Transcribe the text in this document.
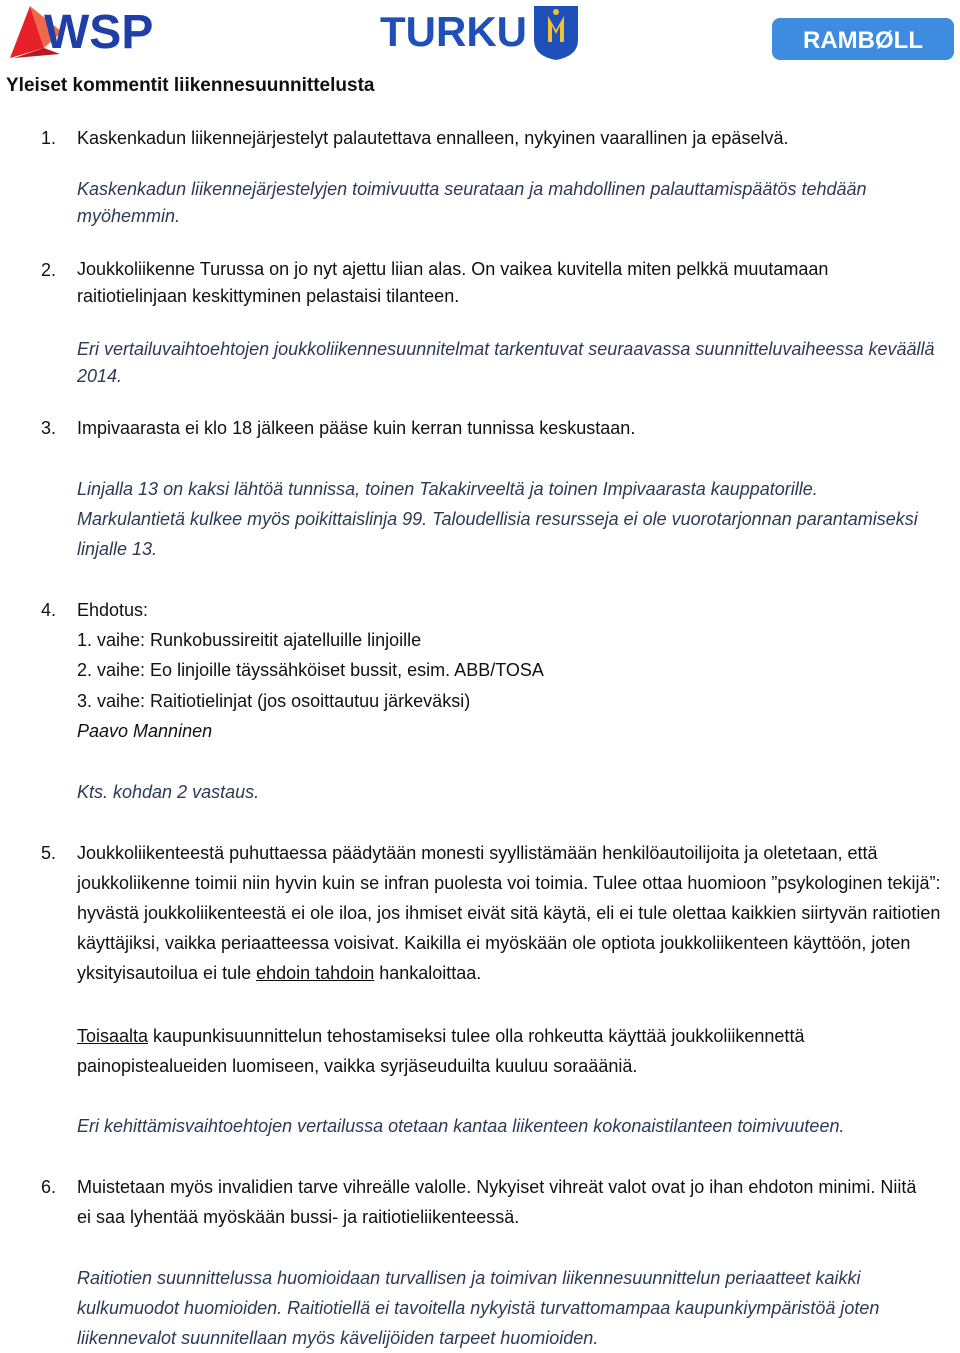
WSP	TURKU	RAMBØLL
Yleiset kommentit liikennesuunnittelusta
1. Kaskenkadun liikennejärjestelyt palautettava ennalleen, nykyinen vaarallinen ja epäselvä.

Kaskenkadun liikennejärjestelyjen toimivuutta seurataan ja mahdollinen palauttamispäätös tehdään myöhemmin.

2. Joukkoliikenne Turussa on jo nyt ajettu liian alas. On vaikea kuvitella miten pelkkä muutamaan raitiotielinjaan keskittyminen pelastaisi tilanteen.

Eri vertailuvaihtoehtojen joukkoliikennesuunnitelmat tarkentuvat seuraavassa suunnitteluvaiheessa keväällä 2014.

3. Impivaarasta ei klo 18 jälkeen pääse kuin kerran tunnissa keskustaan.

Linjalla 13 on kaksi lähtöä tunnissa, toinen Takakirveeltä ja toinen Impivaarasta kauppatorille. Markulantietä kulkee myös poikittaislinja 99. Taloudellisia resursseja ei ole vuorotarjonnan parantamiseksi linjalle 13.

4. Ehdotus:

1. vaihe: Runkobussireitit ajatelluille linjoille

2. vaihe: Eo linjoille täyssähköiset bussit, esim. ABB/TOSA

3. vaihe: Raitiotielinjat (jos osoittautuu järkeväksi)

Paavo Manninen

Kts. kohdan 2 vastaus.

5. Joukkoliikenteestä puhuttaessa päädytään monesti syyllistämään henkilöautoilijoita ja oletetaan, että joukkoliikenne toimii niin hyvin kuin se infran puolesta voi toimia. Tulee ottaa huomioon ”psykologinen tekijä”: hyvästä joukkoliikenteestä ei ole iloa, jos ihmiset eivät sitä käytä, eli ei tule olettaa kaikkien siirtyvän raitiotien käyttäjiksi, vaikka periaatteessa voisivat. Kaikilla ei myöskään ole optiota joukkoliikenteen käyttöön, joten yksityisautoilua ei tule ehdoin tahdoin hankaloittaa.

Toisaalta kaupunkisuunnittelun tehostamiseksi tulee olla rohkeutta käyttää joukkoliikennettä painopistealueiden luomiseen, vaikka syrjäseuduilta kuuluu soraääniä.

Eri kehittämisvaihtoehtojen vertailussa otetaan kantaa liikenteen kokonaistilanteen toimivuuteen.

6. Muistetaan myös invalidien tarve vihreälle valolle. Nykyiset vihreät valot ovat jo ihan ehdoton minimi. Niitä ei saa lyhentää myöskään bussi- ja raitiotieliikenteessä.

Raitiotien suunnittelussa huomioidaan turvallisen ja toimivan liikennesuunnittelun periaatteet kaikki kulkumuodot huomioiden. Raitiotiellä ei tavoitella nykyistä turvattomampaa kaupunkiympäristöä joten liikennevalot suunnitellaan myös kävelijöiden tarpeet huomioiden.
